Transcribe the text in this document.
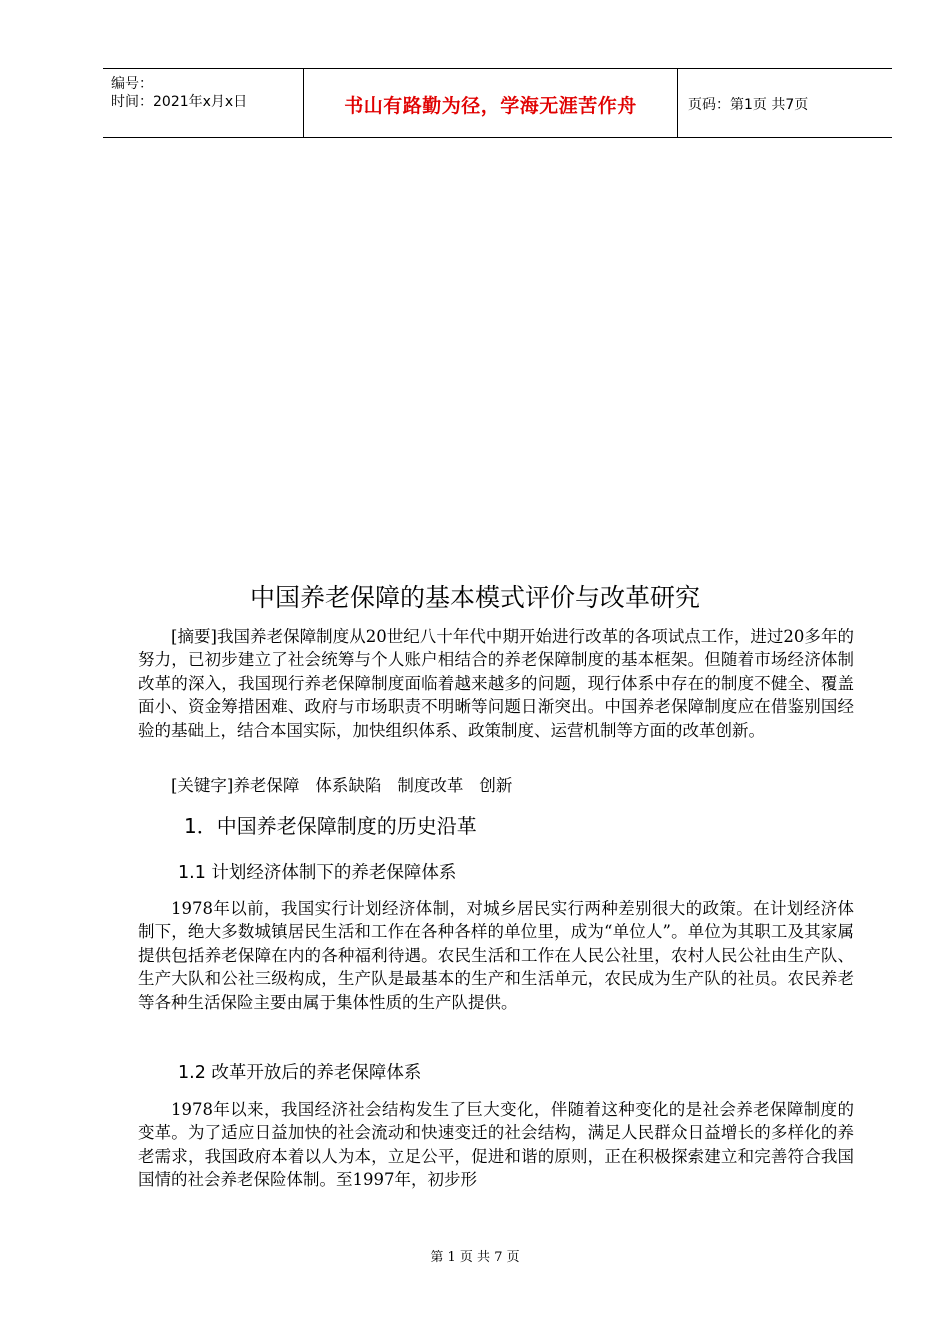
编号：
时间：2021年x月x日	书山有路勤为径，学海无涯苦作舟	页码：第1页 共7页
中国养老保障的基本模式评价与改革研究

[摘要]我国养老保障制度从20世纪八十年代中期开始进行改革的各项试点工作，进过20多年的努力，已初步建立了社会统筹与个人账户相结合的养老保障制度的基本框架。但随着市场经济体制改革的深入，我国现行养老保障制度面临着越来越多的问题，现行体系中存在的制度不健全、覆盖面小、资金筹措困难、政府与市场职责不明晰等问题日渐突出。中国养老保障制度应在借鉴别国经验的基础上，结合本国实际，加快组织体系、政策制度、运营机制等方面的改革创新。

[关键字]养老保障 体系缺陷 制度改革 创新

1．中国养老保障制度的历史沿革
1.1 计划经济体制下的养老保障体系

1978年以前，我国实行计划经济体制，对城乡居民实行两种差别很大的政策。在计划经济体制下，绝大多数城镇居民生活和工作在各种各样的单位里，成为“单位人”。单位为其职工及其家属提供包括养老保障在内的各种福利待遇。农民生活和工作在人民公社里，农村人民公社由生产队、生产大队和公社三级构成，生产队是最基本的生产和生活单元，农民成为生产队的社员。农民养老等各种生活保险主要由属于集体性质的生产队提供。

1.2 改革开放后的养老保障体系

1978年以来，我国经济社会结构发生了巨大变化，伴随着这种变化的是社会养老保障制度的变革。为了适应日益加快的社会流动和快速变迁的社会结构，满足人民群众日益增长的多样化的养老需求，我国政府本着以人为本，立足公平，促进和谐的原则，正在积极探索建立和完善符合我国国情的社会养老保险体制。至1997年，初步形

第 1 页 共 7 页
